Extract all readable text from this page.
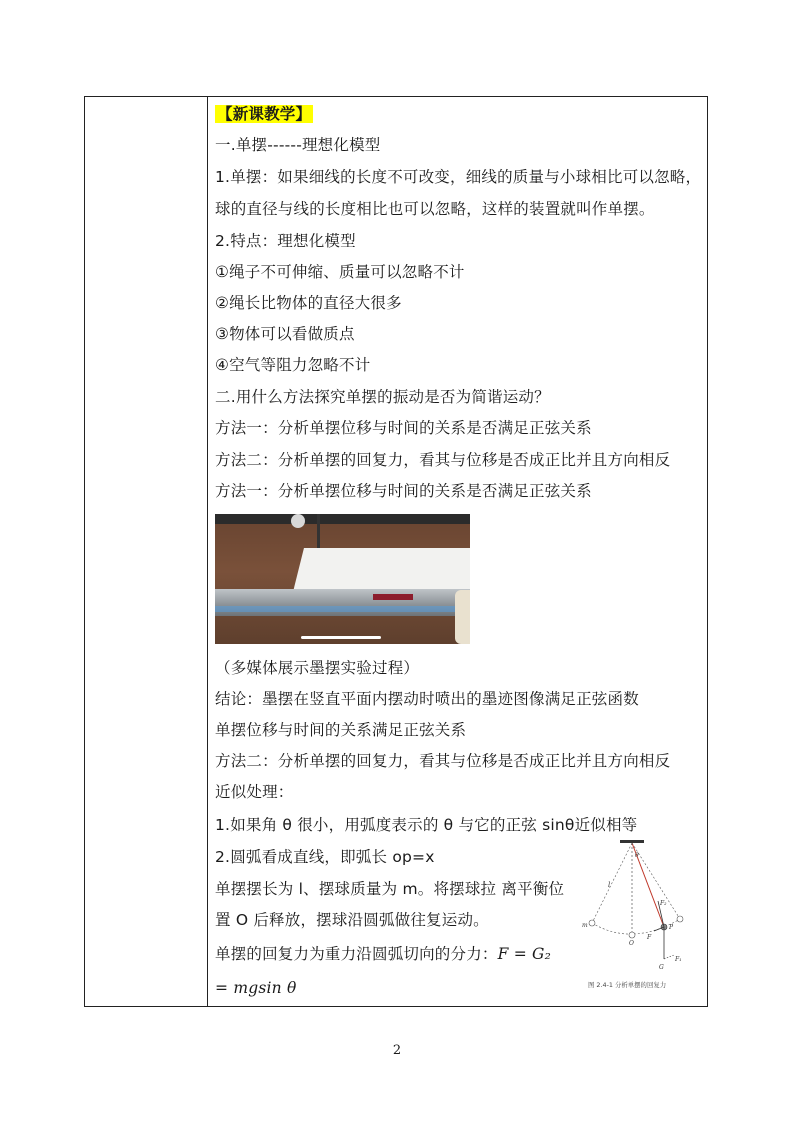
【新课教学】
一.单摆------理想化模型
1.单摆：如果细线的长度不可改变，细线的质量与小球相比可以忽略，
球的直径与线的长度相比也可以忽略，这样的装置就叫作单摆。
2.特点：理想化模型
①绳子不可伸缩、质量可以忽略不计
②绳长比物体的直径大很多
③物体可以看做质点
④空气等阻力忽略不计
二.用什么方法探究单摆的振动是否为简谐运动？
方法一：分析单摆位移与时间的关系是否满足正弦关系
方法二：分析单摆的回复力，看其与位移是否成正比并且方向相反
方法一：分析单摆位移与时间的关系是否满足正弦关系
（多媒体展示墨摆实验过程）
结论：墨摆在竖直平面内摆动时喷出的墨迹图像满足正弦函数
单摆位移与时间的关系满足正弦关系
方法二：分析单摆的回复力，看其与位移是否成正比并且方向相反
近似处理：
1.如果角 θ 很小，用弧度表示的 θ 与它的正弦 sinθ近似相等
2.圆弧看成直线，即弧长 op=x
单摆摆长为 l、摆球质量为 m。将摆球拉 离平衡位
置 O 后释放，摆球沿圆弧做往复运动。
单摆的回复力为重力沿圆弧切向的分力：F = G₂
= mgsin θ
θ
l
m
O
F
P
F₂
G
F₁
图 2.4-1 分析单摆的回复力
2
